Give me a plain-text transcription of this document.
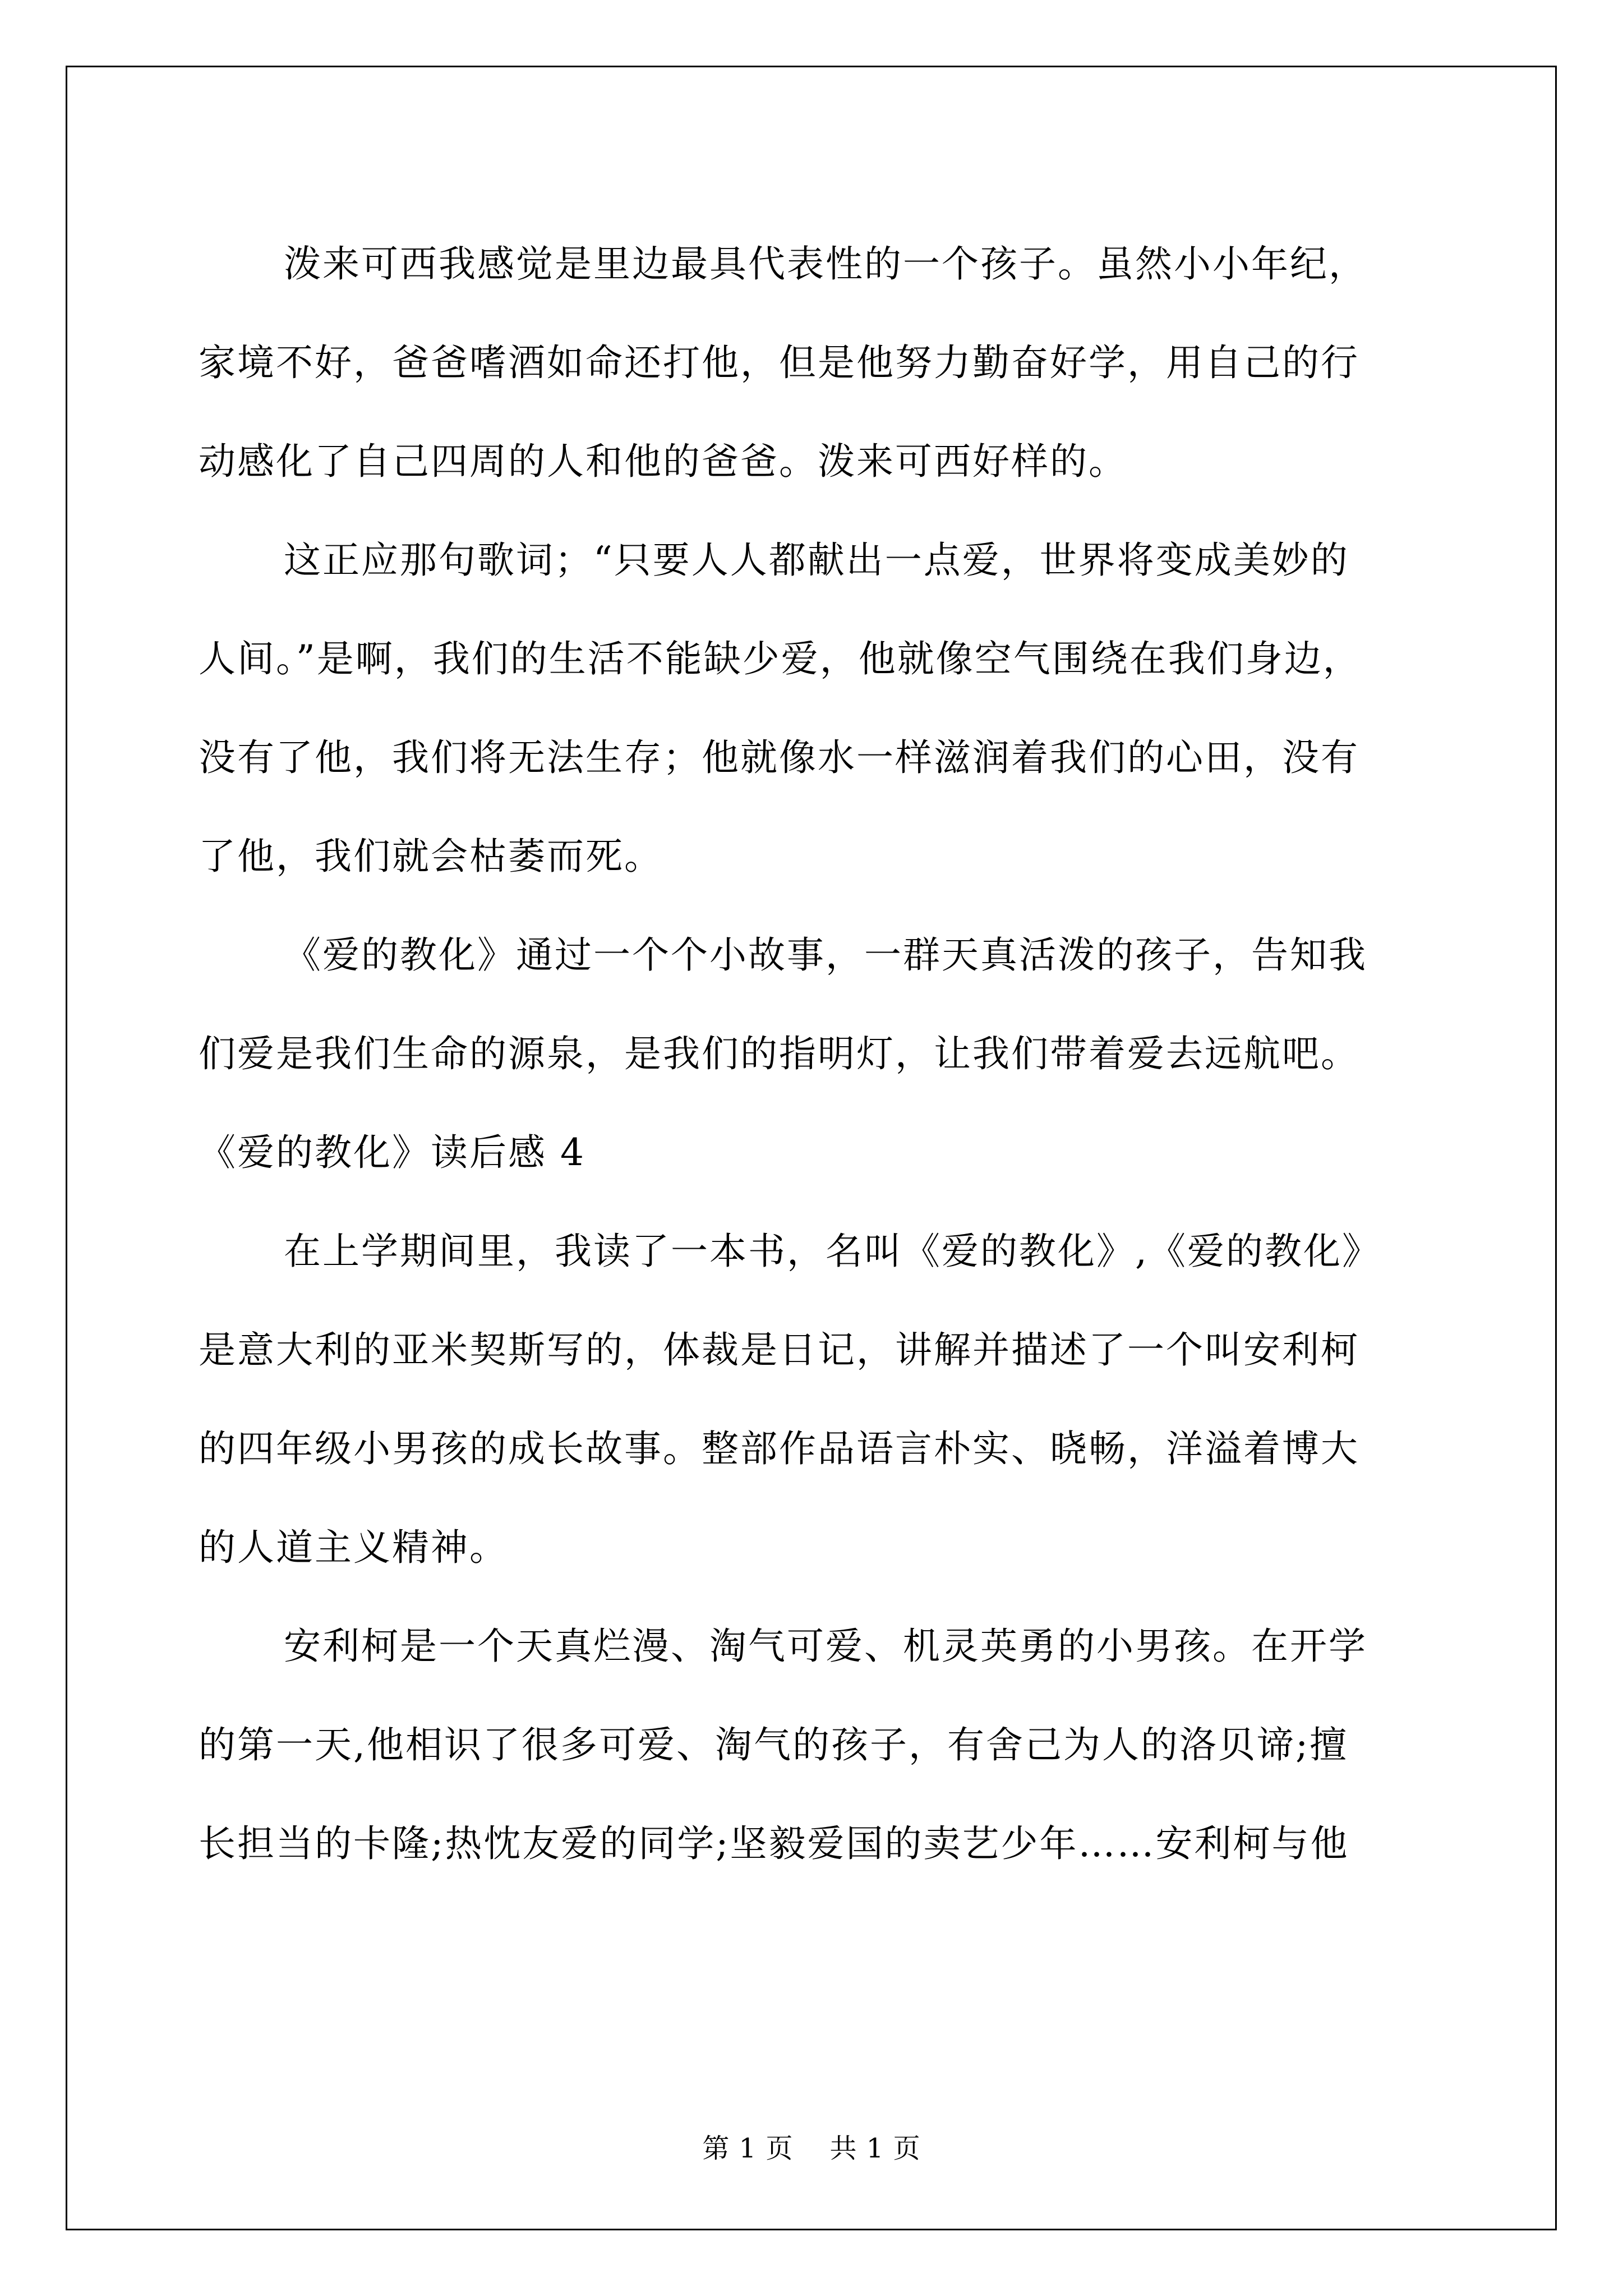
泼来可西我感觉是里边最具代表性的一个孩子。虽然小小年纪，
家境不好，爸爸嗜酒如命还打他，但是他努力勤奋好学，用自己的行
动感化了自己四周的人和他的爸爸。泼来可西好样的。
这正应那句歌词；“只要人人都献出一点爱，世界将变成美妙的
人间。”是啊，我们的生活不能缺少爱，他就像空气围绕在我们身边，
没有了他，我们将无法生存；他就像水一样滋润着我们的心田，没有
了他，我们就会枯萎而死。
《爱的教化》通过一个个小故事，一群天真活泼的孩子，告知我
们爱是我们生命的源泉，是我们的指明灯，让我们带着爱去远航吧。
《爱的教化》读后感 4
在上学期间里，我读了一本书，名叫《爱的教化》,《爱的教化》
是意大利的亚米契斯写的，体裁是日记，讲解并描述了一个叫安利柯
的四年级小男孩的成长故事。整部作品语言朴实、晓畅，洋溢着博大
的人道主义精神。
安利柯是一个天真烂漫、淘气可爱、机灵英勇的小男孩。在开学
的第一天,他相识了很多可爱、淘气的孩子，有舍己为人的洛贝谛;擅
长担当的卡隆;热忱友爱的同学;坚毅爱国的卖艺少年……安利柯与他
第 1 页 共 1 页
